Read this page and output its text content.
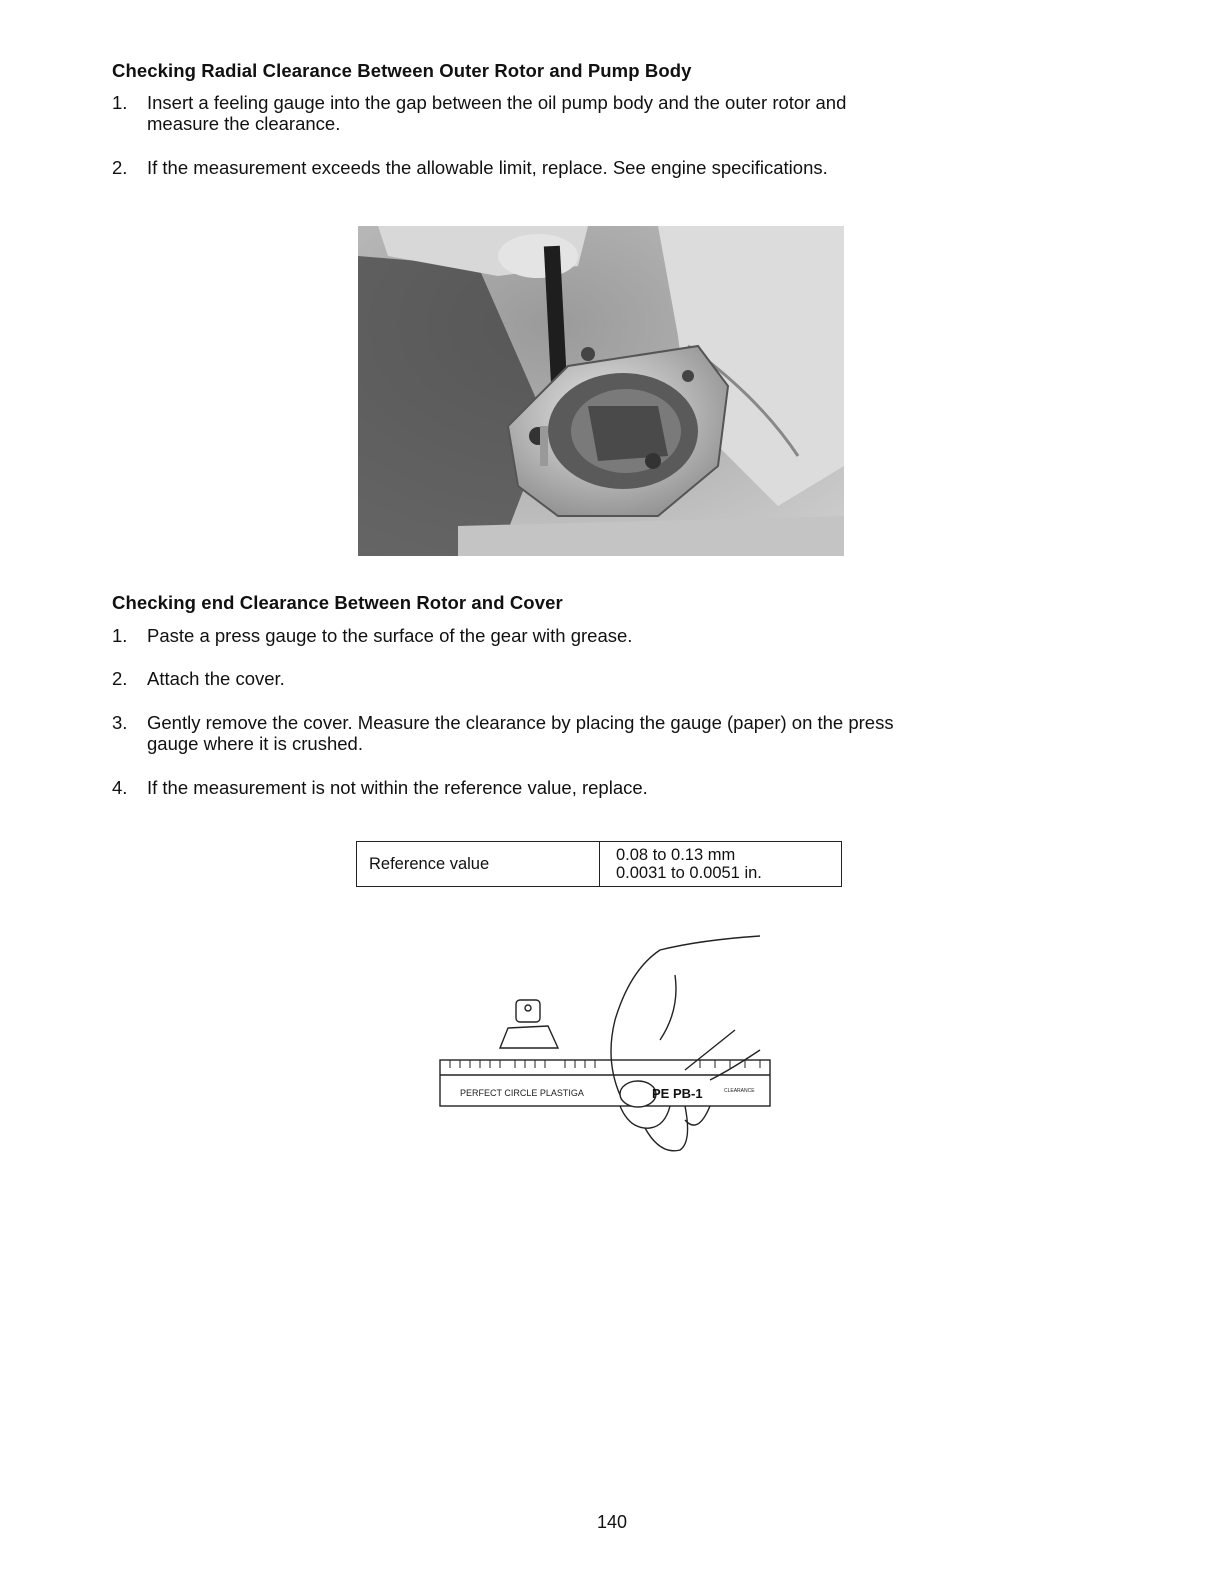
Checking Radial Clearance Between Outer Rotor and Pump Body
1. Insert a feeling gauge into the gap between the oil pump body and the outer rotor and
measure the clearance.
2. If the measurement exceeds the allowable limit, replace. See engine specifications.
Checking end Clearance Between Rotor and Cover
1. Paste a press gauge to the surface of the gear with grease.
2. Attach the cover.
3. Gently remove the cover. Measure the clearance by placing the gauge (paper) on the press
gauge where it is crushed.
4. If the measurement is not within the reference value, replace.
Reference value	0.08 to 0.13 mm
0.0031 to 0.0051 in.
PERFECT CIRCLE PLASTIGA	PE PB-1	CLEARANCE
140
